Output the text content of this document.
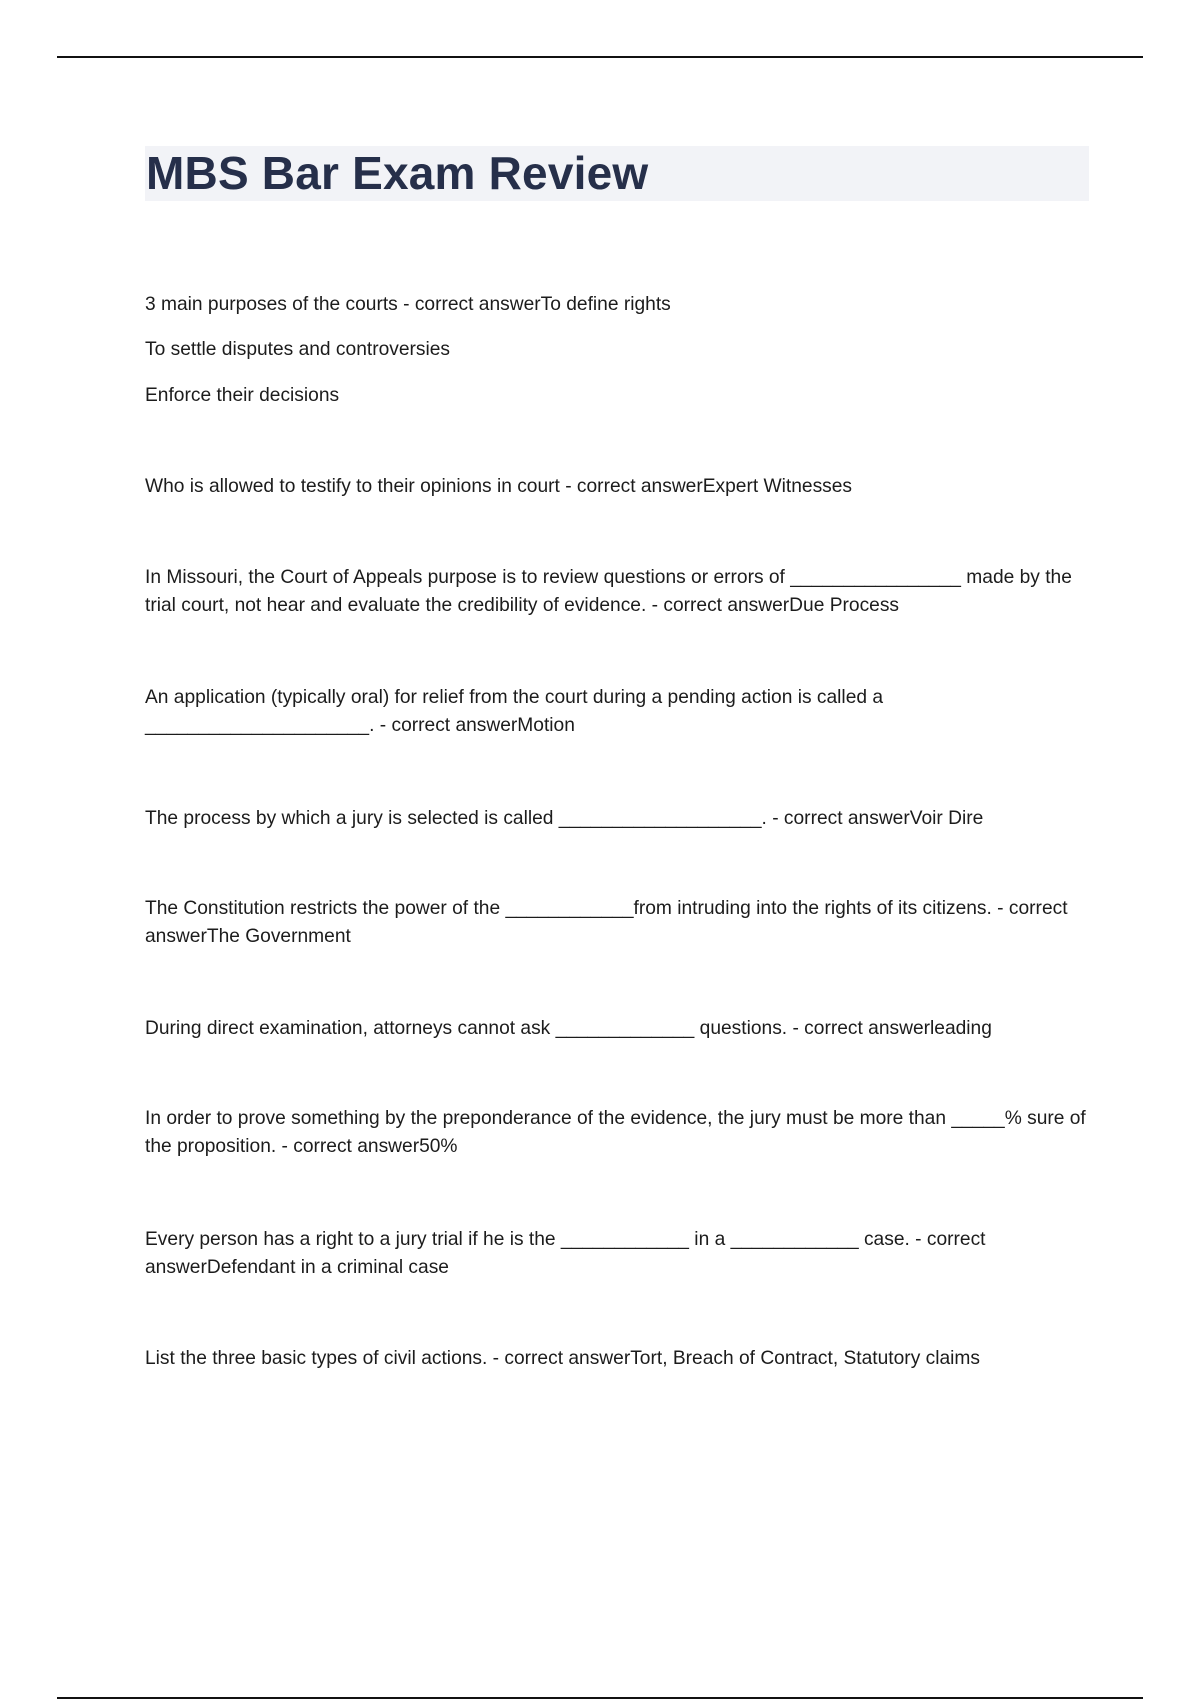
MBS Bar Exam Review

3 main purposes of the courts - correct answerTo define rights

To settle disputes and controversies

Enforce their decisions

Who is allowed to testify to their opinions in court - correct answerExpert Witnesses

In Missouri, the Court of Appeals purpose is to review questions or errors of ________________ made by the trial court, not hear and evaluate the credibility of evidence. - correct answerDue Process

An application (typically oral) for relief from the court during a pending action is called a _____________________. - correct answerMotion

The process by which a jury is selected is called ___________________. - correct answerVoir Dire

The Constitution restricts the power of the ____________from intruding into the rights of its citizens. - correct answerThe Government

During direct examination, attorneys cannot ask _____________ questions. - correct answerleading

In order to prove something by the preponderance of the evidence, the jury must be more than _____% sure of the proposition. - correct answer50%

Every person has a right to a jury trial if he is the ____________ in a ____________ case. - correct answerDefendant in a criminal case

List the three basic types of civil actions. - correct answerTort, Breach of Contract, Statutory claims
